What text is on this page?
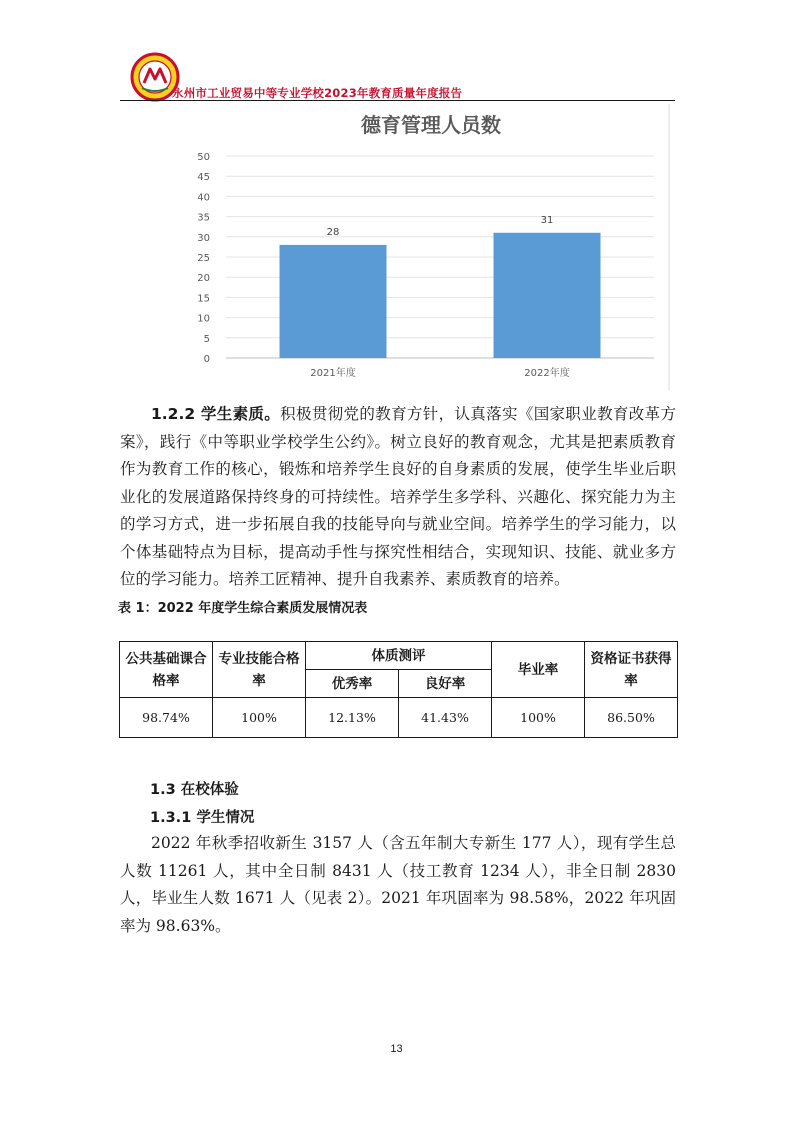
永州市工业贸易中等专业学校2023年教育质量年度报告
德育管理人员数
0
5
10
15
20
25
30
35
40
45
50
28
2021年度
31
2022年度
1.2.2 学生素质。积极贯彻党的教育方针，认真落实《国家职业教育改革方案》，践行《中等职业学校学生公约》。树立良好的教育观念，尤其是把素质教育作为教育工作的核心，锻炼和培养学生良好的自身素质的发展，使学生毕业后职业化的发展道路保持终身的可持续性。培养学生多学科、兴趣化、探究能力为主的学习方式，进一步拓展自我的技能导向与就业空间。培养学生的学习能力，以个体基础特点为目标，提高动手性与探究性相结合，实现知识、技能、就业多方位的学习能力。培养工匠精神、提升自我素养、素质教育的培养。
表 1：2022 年度学生综合素质发展情况表
公共基础课合格率	专业技能合格率	体质测评		毕业率	资格证书获得率
		优秀率	良好率		
98.74%	100%	12.13%	41.43%	100%	86.50%
1.3 在校体验
1.3.1 学生情况
2022 年秋季招收新生 3157 人（含五年制大专新生 177 人），现有学生总人数 11261 人，其中全日制 8431 人（技工教育 1234 人），非全日制 2830 人，毕业生人数 1671 人（见表 2）。2021 年巩固率为 98.58%，2022 年巩固率为 98.63%。
13
